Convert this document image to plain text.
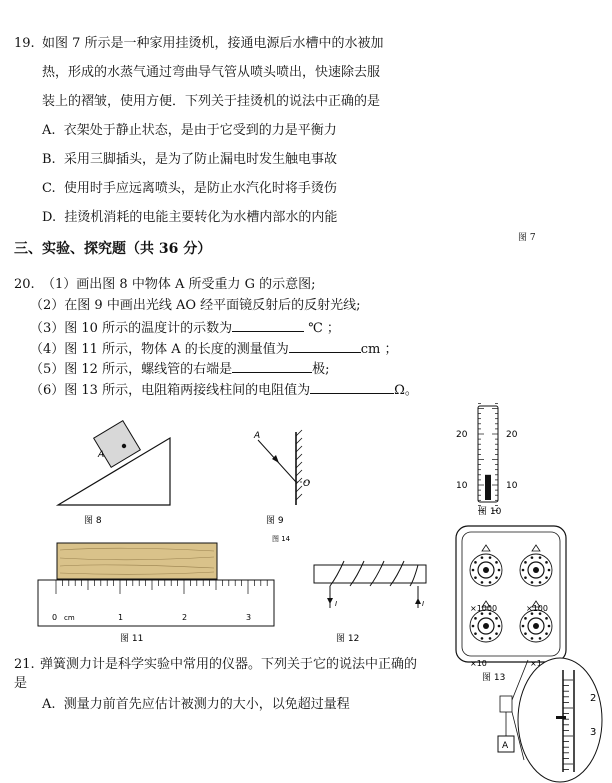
19. 如图 7 所示是一种家用挂烫机，接通电源后水槽中的水被加
热，形成的水蒸气通过弯曲导气管从喷头喷出，快速除去服
装上的褶皱，使用方便．下列关于挂烫机的说法中正确的是
A. 衣架处于静止状态，是由于它受到的力是平衡力
B. 采用三脚插头，是为了防止漏电时发生触电事故
C. 使用时手应远离喷头，是防止水汽化时将手烫伤
D. 挂烫机消耗的电能主要转化为水槽内部水的内能
图 7
三、实验、探究题（共 36 分）
20. （1）画出图 8 中物体 A 所受重力 G 的示意图;
（2）在图 9 中画出光线 AO 经平面镜反射后的反射光线;
（3）图 10 所示的温度计的示数为	℃ ；
（4）图 11 所示，物体 A 的长度的测量值为	cm ；
（5）图 12 所示，螺线管的右端是	极;
（6）图 13 所示，电阻箱两接线柱间的电阻值为	Ω。
A
图 8
A
O
图 9
图 14
20	20
10	10
图 10
0 cm	1	2	3
图 11
I	I
图 12
×1000	×100
×10	×1
图 13
2
3
A
21. 弹簧测力计是科学实验中常用的仪器。下列关于它的说法中正确的
是
A. 测量力前首先应估计被测力的大小，以免超过量程
